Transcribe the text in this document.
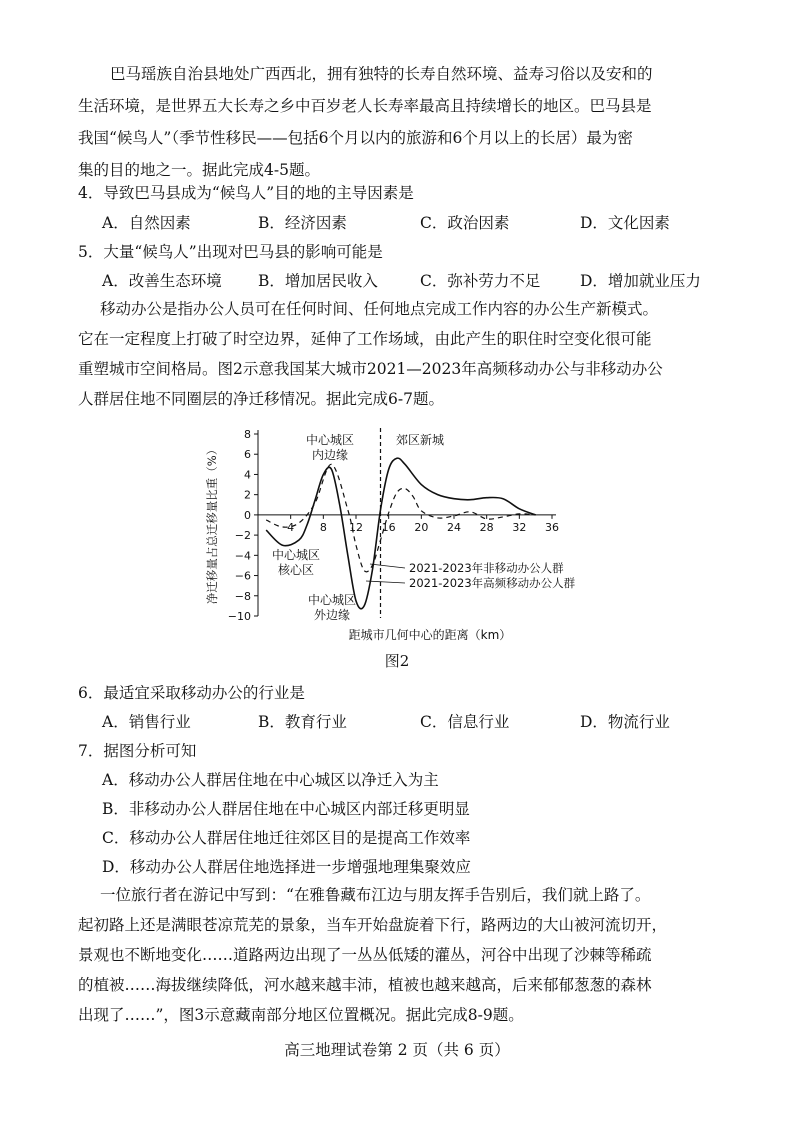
巴马瑶族自治县地处广西西北，拥有独特的长寿自然环境、益寿习俗以及安和的
生活环境，是世界五大长寿之乡中百岁老人长寿率最高且持续增长的地区。巴马县是
我国“候鸟人”（季节性移民——包括6个月以内的旅游和6个月以上的长居）最为密
集的目的地之一。据此完成4-5题。
4．导致巴马县成为“候鸟人”目的地的主导因素是
A．自然因素	B．经济因素	C．政治因素	D．文化因素
5．大量“候鸟人”出现对巴马县的影响可能是
A．改善生态环境 B．增加居民收入	C．弥补劳力不足	D．增加就业压力
移动办公是指办公人员可在任何时间、任何地点完成工作内容的办公生产新模式。
它在一定程度上打破了时空边界，延伸了工作场域，由此产生的职住时空变化很可能
重塑城市空间格局。图2示意我国某大城市2021—2023年高频移动办公与非移动办公
人群居住地不同圈层的净迁移情况。据此完成6-7题。
8
6
4
2
0
−2
−4
−6
−8
−10
4 8 12 16 20 24 28 32 36
中心城区
内边缘
郊区新城
中心城区
核心区
中心城区
外边缘
2021-2023年非移动办公人群
2021-2023年高频移动办公人群
距城市几何中心的距离（km）
净迁移量占总迁移量比重（%）
图2
6．最适宜采取移动办公的行业是
A．销售行业	B．教育行业	C．信息行业	D．物流行业
7．据图分析可知
A．移动办公人群居住地在中心城区以净迁入为主
B．非移动办公人群居住地在中心城区内部迁移更明显
C．移动办公人群居住地迁往郊区目的是提高工作效率
D．移动办公人群居住地选择进一步增强地理集聚效应
一位旅行者在游记中写到：“在雅鲁藏布江边与朋友挥手告别后，我们就上路了。
起初路上还是满眼苍凉荒芜的景象，当车开始盘旋着下行，路两边的大山被河流切开，
景观也不断地变化……道路两边出现了一丛丛低矮的灌丛，河谷中出现了沙棘等稀疏
的植被……海拔继续降低，河水越来越丰沛，植被也越来越高，后来郁郁葱葱的森林
出现了……”，图3示意藏南部分地区位置概况。据此完成8-9题。
高三地理试卷第 2 页（共 6 页）
